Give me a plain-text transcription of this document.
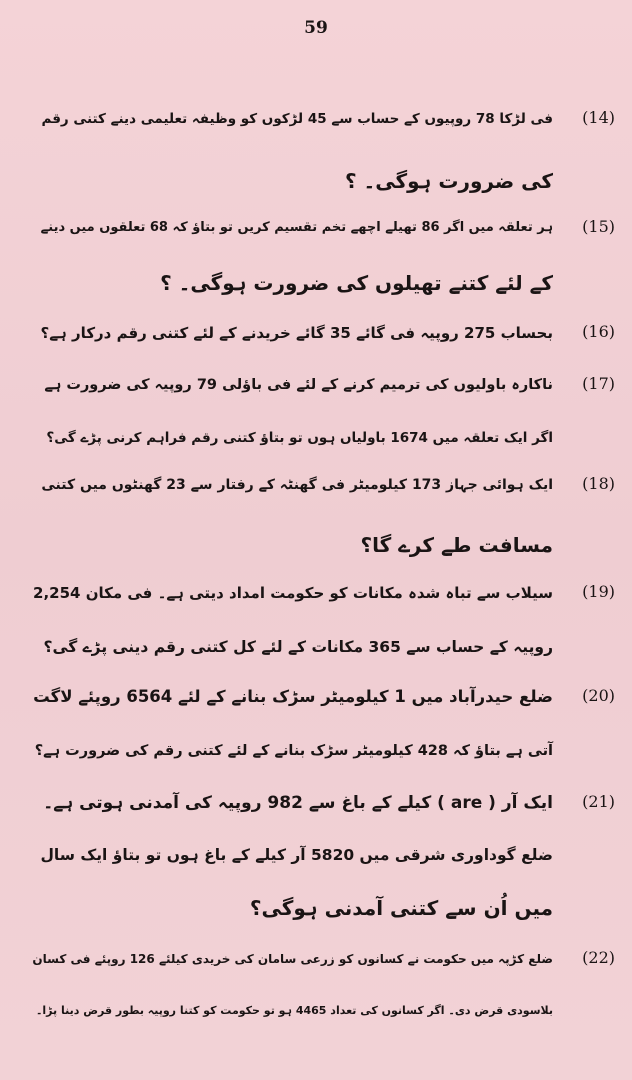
59
(14)
فی لڑکا 78 روپیوں کے حساب سے 45 لڑکوں کو وظیفہ تعلیمی دینے کتنی رقم
کی ضرورت ہوگی۔ ؟
(15)
ہر تعلقہ میں اگر 86 تھیلے اچھے تخم تقسیم کریں تو بتاؤ کہ 68 تعلقوں میں دینے
کے لئے کتنے تھیلوں کی ضرورت ہوگی۔ ؟
(16)
بحساب 275 روپیہ فی گائے 35 گائے خریدنے کے لئے کتنی رقم درکار ہے؟
(17)
ناکارہ باولیوں کی ترمیم کرنے کے لئے فی باؤلی 79 روپیہ کی ضرورت ہے
اگر ایک تعلقہ میں 1674 باولیاں ہوں تو بتاؤ کتنی رقم فراہم کرنی پڑے گی؟
(18)
ایک ہوائی جہاز 173 کیلومیٹر فی گھنٹہ کے رفتار سے 23 گھنٹوں میں کتنی
مسافت طے کرے گا؟
(19)
سیلاب سے تباہ شدہ مکانات کو حکومت امداد دیتی ہے۔ فی مکان 2,254
روپیہ کے حساب سے 365 مکانات کے لئے کل کتنی رقم دینی پڑے گی؟
(20)
ضلع حیدرآباد میں 1 کیلومیٹر سڑک بنانے کے لئے 6564 روپئے لاگت
آتی ہے بتاؤ کہ 428 کیلومیٹر سڑک بنانے کے لئے کتنی رقم کی ضرورت ہے؟
(21)
ایک آر ( are ) کیلے کے باغ سے 982 روپیہ کی آمدنی ہوتی ہے۔
ضلع گوداوری شرقی میں 5820 آر کیلے کے باغ ہوں تو بتاؤ ایک سال
میں اُن سے کتنی آمدنی ہوگی؟
(22)
ضلع کڑپہ میں حکومت نے کسانوں کو زرعی سامان کی خریدی کیلئے 126 روپئے فی کسان
بلاسودی قرض دی۔ اگر کسانوں کی تعداد 4465 ہو تو حکومت کو کتنا روپیہ بطور قرض دینا پڑا۔
